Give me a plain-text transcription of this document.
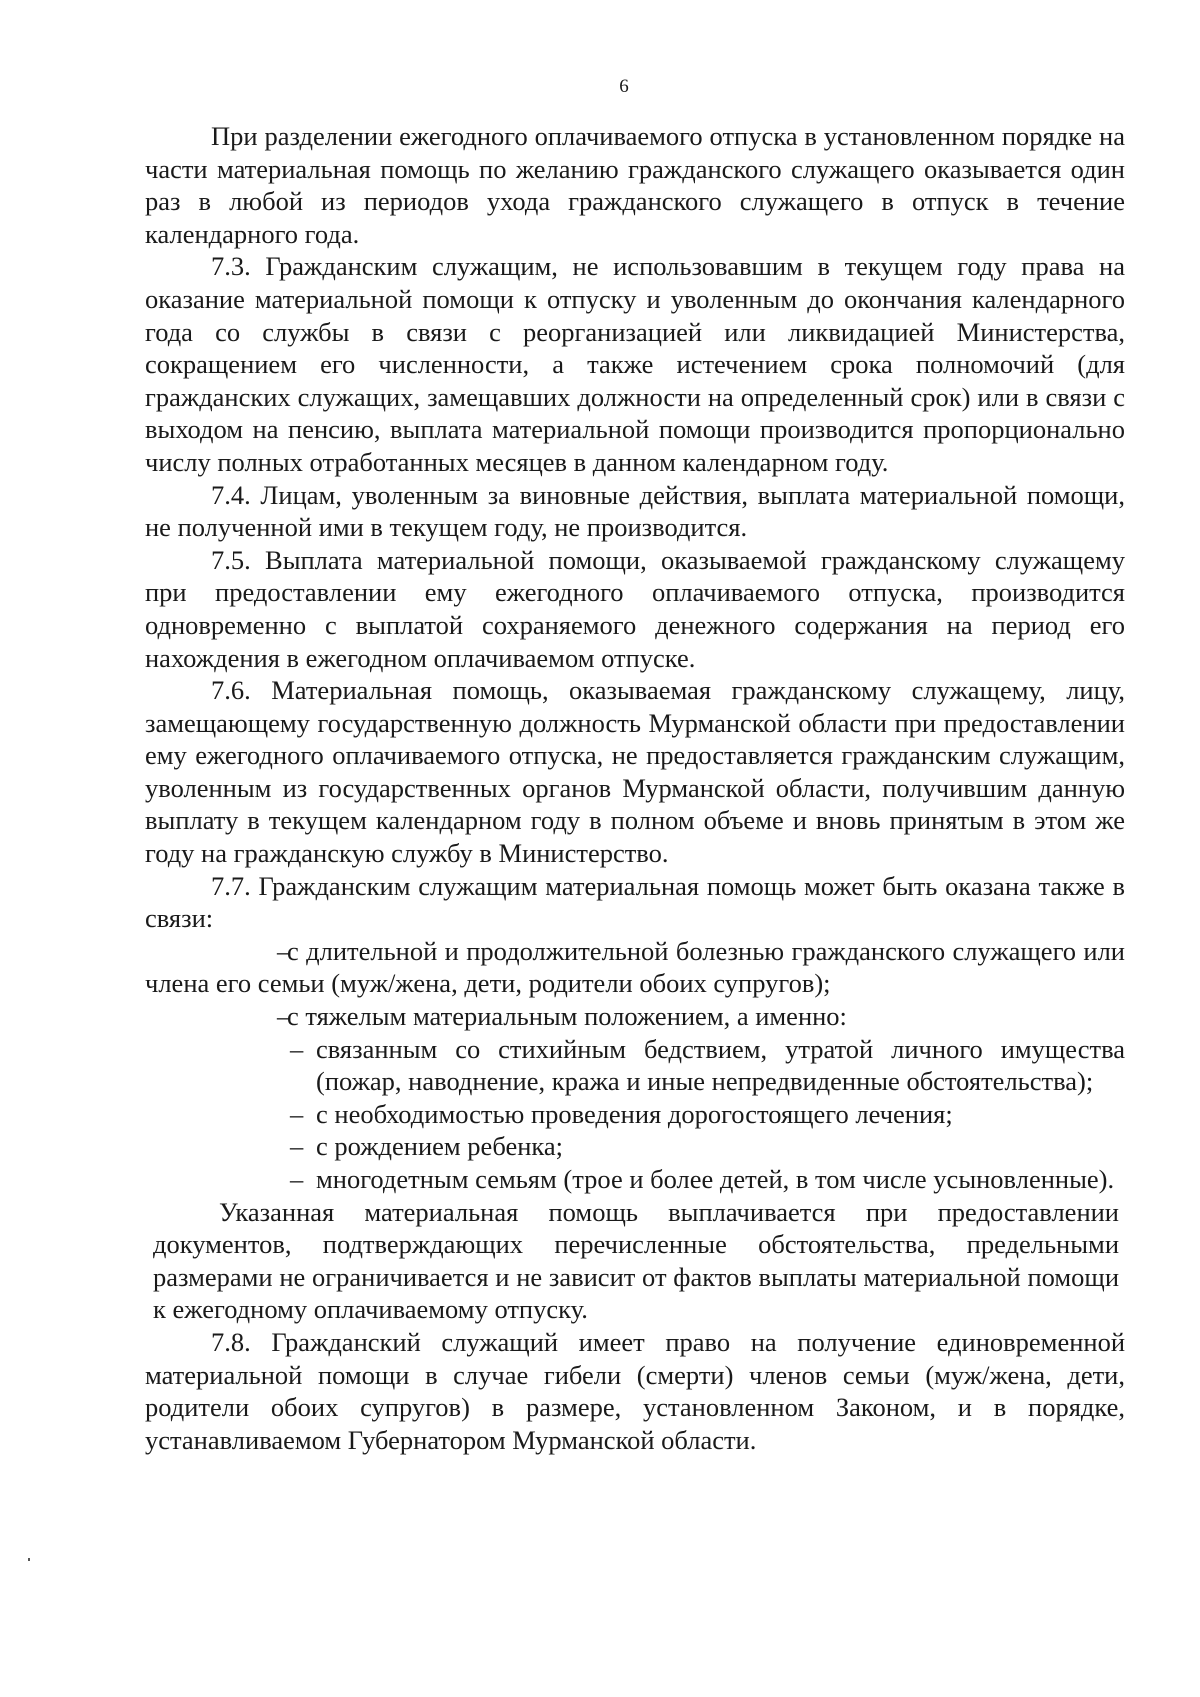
6

При разделении ежегодного оплачиваемого отпуска в установленном порядке на части материальная помощь по желанию гражданского служащего оказывается один раз в любой из периодов ухода гражданского служащего в отпуск в течение календарного года.

7.3. Гражданским служащим, не использовавшим в текущем году права на оказание материальной помощи к отпуску и уволенным до окончания календарного года со службы в связи с реорганизацией или ликвидацией Министерства, сокращением его численности, а также истечением срока полномочий (для гражданских служащих, замещавших должности на определенный срок) или в связи с выходом на пенсию, выплата материальной помощи производится пропорционально числу полных отработанных месяцев в данном календарном году.

7.4. Лицам, уволенным за виновные действия, выплата материальной помощи, не полученной ими в текущем году, не производится.

7.5. Выплата материальной помощи, оказываемой гражданскому служащему при предоставлении ему ежегодного оплачиваемого отпуска, производится одновременно с выплатой сохраняемого денежного содержания на период его нахождения в ежегодном оплачиваемом отпуске.

7.6. Материальная помощь, оказываемая гражданскому служащему, лицу, замещающему государственную должность Мурманской области при предоставлении ему ежегодного оплачиваемого отпуска, не предоставляется гражданским служащим, уволенным из государственных органов Мурманской области, получившим данную выплату в текущем календарном году в полном объеме и вновь принятым в этом же году на гражданскую службу в Министерство.

7.7. Гражданским служащим материальная помощь может быть оказана также в связи:

–с длительной и продолжительной болезнью гражданского служащего или члена его семьи (муж/жена, дети, родители обоих супругов);

–с тяжелым материальным положением, а именно:

– связанным со стихийным бедствием, утратой личного имущества (пожар, наводнение, кража и иные непредвиденные обстоятельства);

– с необходимостью проведения дорогостоящего лечения;

– с рождением ребенка;

– многодетным семьям (трое и более детей, в том числе усыновленные).

Указанная материальная помощь выплачивается при предоставлении документов, подтверждающих перечисленные обстоятельства, предельными размерами не ограничивается и не зависит от фактов выплаты материальной помощи к ежегодному оплачиваемому отпуску.

7.8. Гражданский служащий имеет право на получение единовременной материальной помощи в случае гибели (смерти) членов семьи (муж/жена, дети, родители обоих супругов) в размере, установленном Законом, и в порядке, устанавливаемом Губернатором Мурманской области.
